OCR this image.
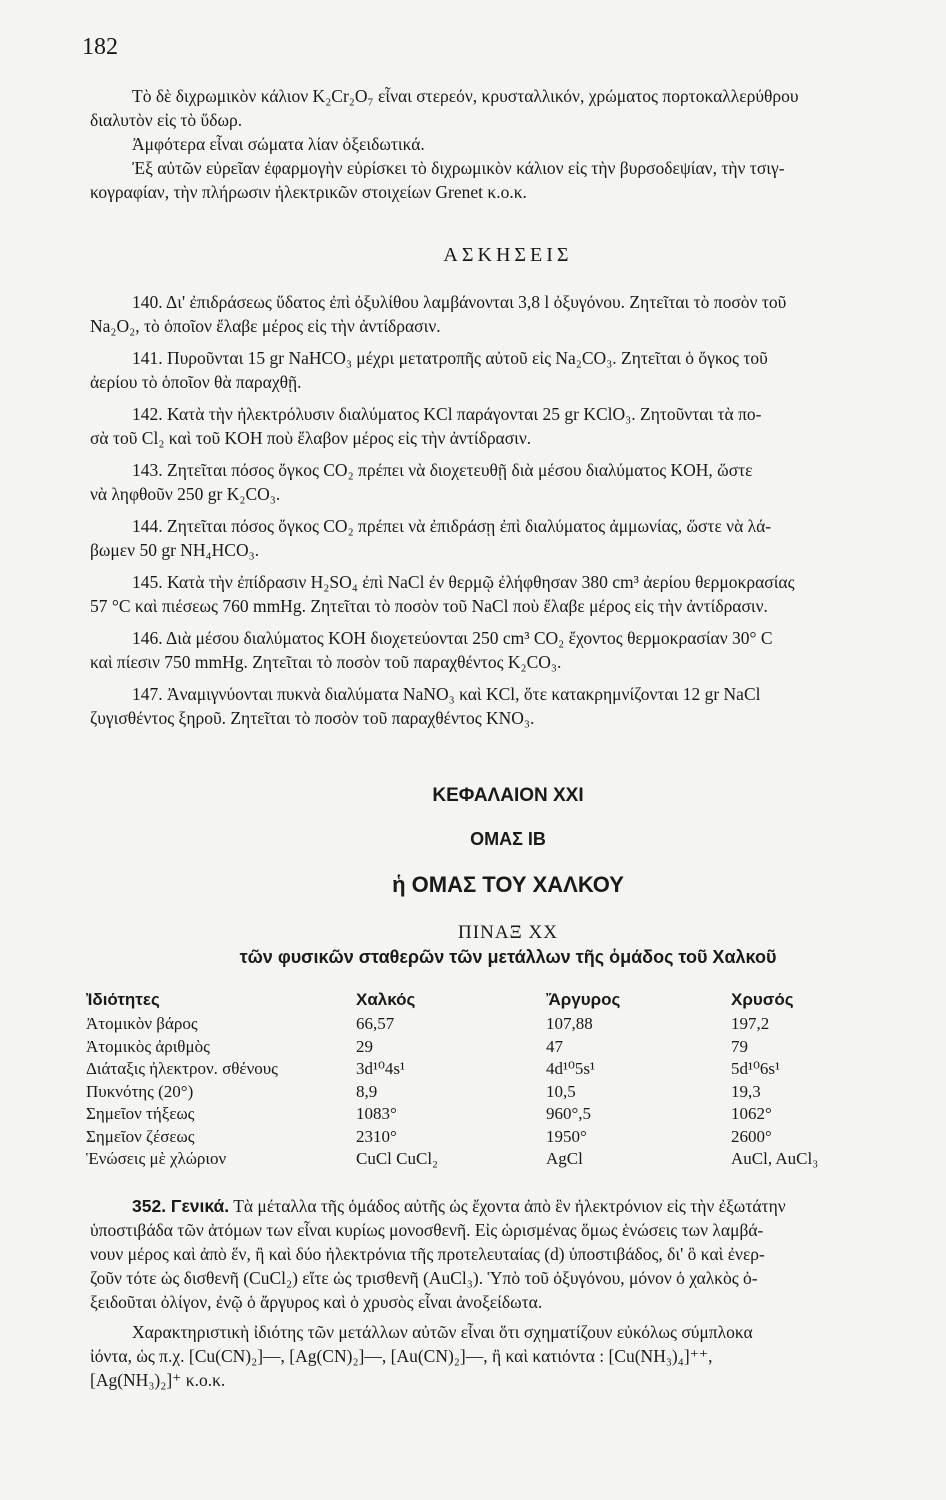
182
Τὸ δὲ διχρωμικὸν κάλιον K₂Cr₂O₇ εἶναι στερεόν, κρυσταλλικόν, χρώματος πορτοκαλλερύθρου
διαλυτὸν εἰς τὸ ὕδωρ.
Ἀμφότερα εἶναι σώματα λίαν ὀξειδωτικά.
Ἐξ αὐτῶν εὐρεῖαν ἐφαρμογὴν εὑρίσκει τὸ διχρωμικὸν κάλιον εἰς τὴν βυρσοδεψίαν, τὴν τσιγ-
κογραφίαν, τὴν πλήρωσιν ἠλεκτρικῶν στοιχείων Grenet κ.ο.κ.
ΑΣΚΗΣΕΙΣ
140. Δι' ἐπιδράσεως ὕδατος ἐπὶ ὀξυλίθου λαμβάνονται 3,8 l ὀξυγόνου. Ζητεῖται τὸ ποσὸν τοῦ
Na₂O₂, τὸ ὁποῖον ἔλαβε μέρος εἰς τὴν ἀντίδρασιν.
141. Πυροῦνται 15 gr NaHCO₃ μέχρι μετατροπῆς αὐτοῦ εἰς Na₂CO₃. Ζητεῖται ὁ ὄγκος τοῦ
ἀερίου τὸ ὁποῖον θὰ παραχθῇ.
142. Κατὰ τὴν ἠλεκτρόλυσιν διαλύματος KCl παράγονται 25 gr KClO₃. Ζητοῦνται τὰ πο-
σὰ τοῦ Cl₂ καὶ τοῦ KOH ποὺ ἔλαβον μέρος εἰς τὴν ἀντίδρασιν.
143. Ζητεῖται πόσος ὄγκος CO₂ πρέπει νὰ διοχετευθῇ διὰ μέσου διαλύματος KOH, ὥστε
νὰ ληφθοῦν 250 gr K₂CO₃.
144. Ζητεῖται πόσος ὄγκος CO₂ πρέπει νὰ ἐπιδράσῃ ἐπὶ διαλύματος ἀμμωνίας, ὥστε νὰ λά-
βωμεν 50 gr NH₄HCO₃.
145. Κατὰ τὴν ἐπίδρασιν H₂SO₄ ἐπὶ NaCl ἐν θερμῷ ἐλήφθησαν 380 cm³ ἀερίου θερμοκρασίας
57 °C καὶ πιέσεως 760 mmHg. Ζητεῖται τὸ ποσὸν τοῦ NaCl ποὺ ἔλαβε μέρος εἰς τὴν ἀντίδρασιν.
146. Διὰ μέσου διαλύματος KOH διοχετεύονται 250 cm³ CO₂ ἔχοντος θερμοκρασίαν 30° C
καὶ πίεσιν 750 mmHg. Ζητεῖται τὸ ποσὸν τοῦ παραχθέντος K₂CO₃.
147. Ἀναμιγνύονται πυκνὰ διαλύματα NaNO₃ καὶ KCl, ὅτε κατακρημνίζονται 12 gr NaCl
ζυγισθέντος ξηροῦ. Ζητεῖται τὸ ποσὸν τοῦ παραχθέντος KNO₃.
ΚΕΦΑΛΑΙΟΝ XXI
ΟΜΑΣ ΙΒ
ἡ ΟΜΑΣ ΤΟΥ ΧΑΛΚΟΥ
ΠΙΝΑΞ XX
τῶν φυσικῶν σταθερῶν τῶν μετάλλων τῆς ὁμάδος τοῦ Χαλκοῦ
Ἰδιότητες	Χαλκός	Ἄργυρος	Χρυσός
Ἀτομικὸν βάρος	66,57	107,88	197,2
Ἀτομικὸς ἀριθμὸς	29	47	79
Διάταξις ἠλεκτρον. σθένους	3d¹⁰4s¹	4d¹⁰5s¹	5d¹⁰6s¹
Πυκνότης (20°)	8,9	10,5	19,3
Σημεῖον τήξεως	1083°	960°,5	1062°
Σημεῖον ζέσεως	2310°	1950°	2600°
Ἑνώσεις μὲ χλώριον	CuCl CuCl₂	AgCl	AuCl, AuCl₃
352. Γενικά. Τὰ μέταλλα τῆς ὁμάδος αὐτῆς ὡς ἔχοντα ἀπὸ ἓν ἠλεκτρόνιον εἰς τὴν ἐξωτάτην
ὑποστιβάδα τῶν ἀτόμων των εἶναι κυρίως μονοσθενῆ. Εἰς ὡρισμένας ὅμως ἑνώσεις των λαμβά-
νουν μέρος καὶ ἀπὸ ἕν, ἢ καὶ δύο ἠλεκτρόνια τῆς προτελευταίας (d) ὑποστιβάδος, δι' ὃ καὶ ἐνερ-
ζοῦν τότε ὡς δισθενῆ (CuCl₂) εἴτε ὡς τρισθενῆ (AuCl₃). Ὑπὸ τοῦ ὀξυγόνου, μόνον ὁ χαλκὸς ὀ-
ξειδοῦται ὀλίγον, ἐνῷ ὁ ἄργυρος καὶ ὁ χρυσὸς εἶναι ἀνοξείδωτα.
Χαρακτηριστικὴ ἰδιότης τῶν μετάλλων αὐτῶν εἶναι ὅτι σχηματίζουν εὐκόλως σύμπλοκα
ἰόντα, ὡς π.χ. [Cu(CN)₂]—, [Ag(CN)₂]—, [Au(CN)₂]—, ἢ καὶ κατιόντα : [Cu(NH₃)₄]⁺⁺,
[Ag(NH₃)₂]⁺ κ.ο.κ.
